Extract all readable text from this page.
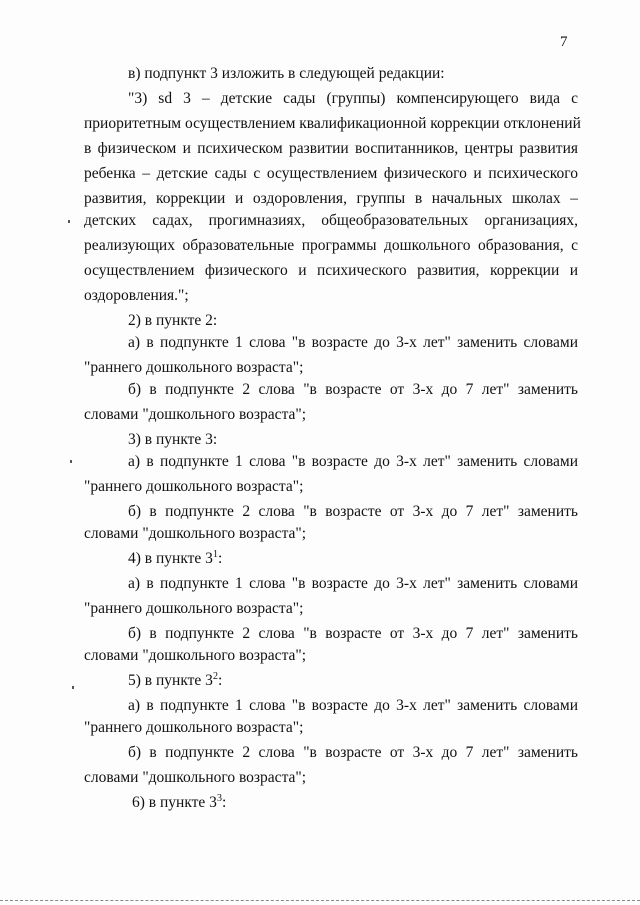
7
в) подпункт 3 изложить в следующей редакции:
"3) sd 3 – детские сады (группы) компенсирующего вида с
приоритетным осуществлением квалификационной коррекции отклонений
в физическом и психическом развитии воспитанников, центры развития
ребенка – детские сады с осуществлением физического и психического
развития, коррекции и оздоровления, группы в начальных школах –
детских садах, прогимназиях, общеобразовательных организациях,
реализующих образовательные программы дошкольного образования, с
осуществлением физического и психического развития, коррекции и
оздоровления.";
2) в пункте 2:
а) в подпункте 1 слова "в возрасте до 3-х лет" заменить словами
"раннего дошкольного возраста";
б) в подпункте 2 слова "в возрасте от 3-х до 7 лет" заменить
словами "дошкольного возраста";
3) в пункте 3:
а) в подпункте 1 слова "в возрасте до 3-х лет" заменить словами
"раннего дошкольного возраста";
б) в подпункте 2 слова "в возрасте от 3-х до 7 лет" заменить
словами "дошкольного возраста";
4) в пункте $3^1$:
а) в подпункте 1 слова "в возрасте до 3-х лет" заменить словами
"раннего дошкольного возраста";
б) в подпункте 2 слова "в возрасте от 3-х до 7 лет" заменить
словами "дошкольного возраста";
5) в пункте $3^2$:
а) в подпункте 1 слова "в возрасте до 3-х лет" заменить словами
"раннего дошкольного возраста";
б) в подпункте 2 слова "в возрасте от 3-х до 7 лет" заменить
словами "дошкольного возраста";
6) в пункте $3^3$:
